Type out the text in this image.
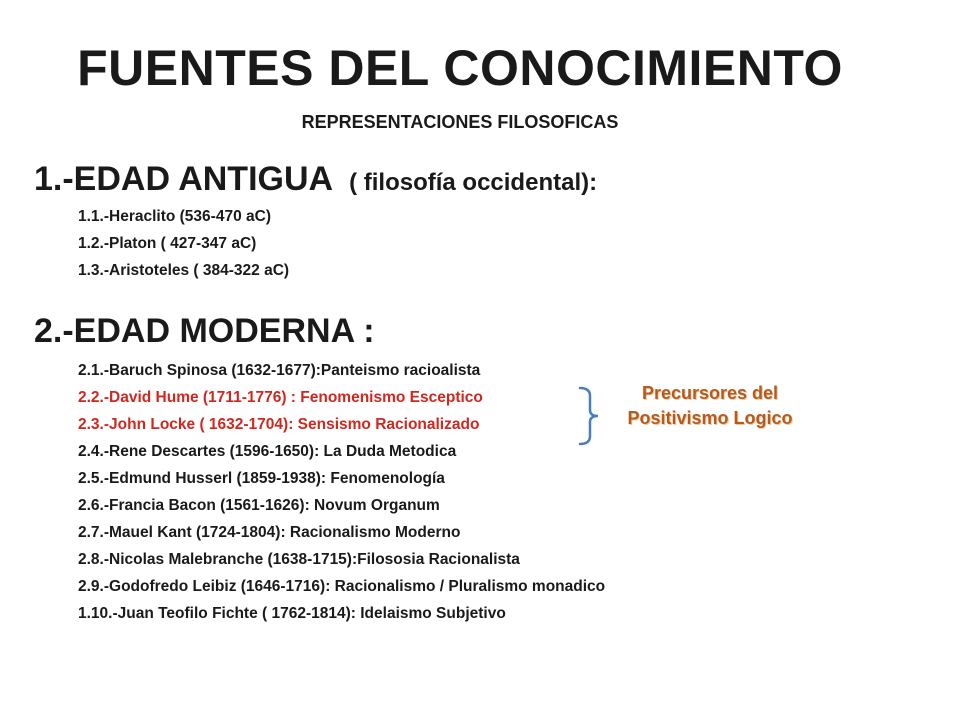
FUENTES DEL CONOCIMIENTO
REPRESENTACIONES FILOSOFICAS
1.-EDAD ANTIGUA ( filosofía occidental):
1.1.-Heraclito (536-470 aC)
1.2.-Platon ( 427-347 aC)
1.3.-Aristoteles ( 384-322 aC)
2.-EDAD MODERNA :
2.1.-Baruch Spinosa (1632-1677):Panteismo racioalista
2.2.-David Hume (1711-1776) : Fenomenismo Esceptico
2.3.-John Locke ( 1632-1704): Sensismo Racionalizado
2.4.-Rene Descartes (1596-1650): La Duda Metodica
2.5.-Edmund Husserl (1859-1938): Fenomenología
2.6.-Francia Bacon (1561-1626): Novum Organum
2.7.-Mauel Kant (1724-1804): Racionalismo Moderno
2.8.-Nicolas Malebranche (1638-1715):Filososia Racionalista
2.9.-Godofredo Leibiz (1646-1716): Racionalismo / Pluralismo monadico
1.10.-Juan Teofilo Fichte ( 1762-1814): Idelaismo Subjetivo
Precursores del
Positivismo Logico
